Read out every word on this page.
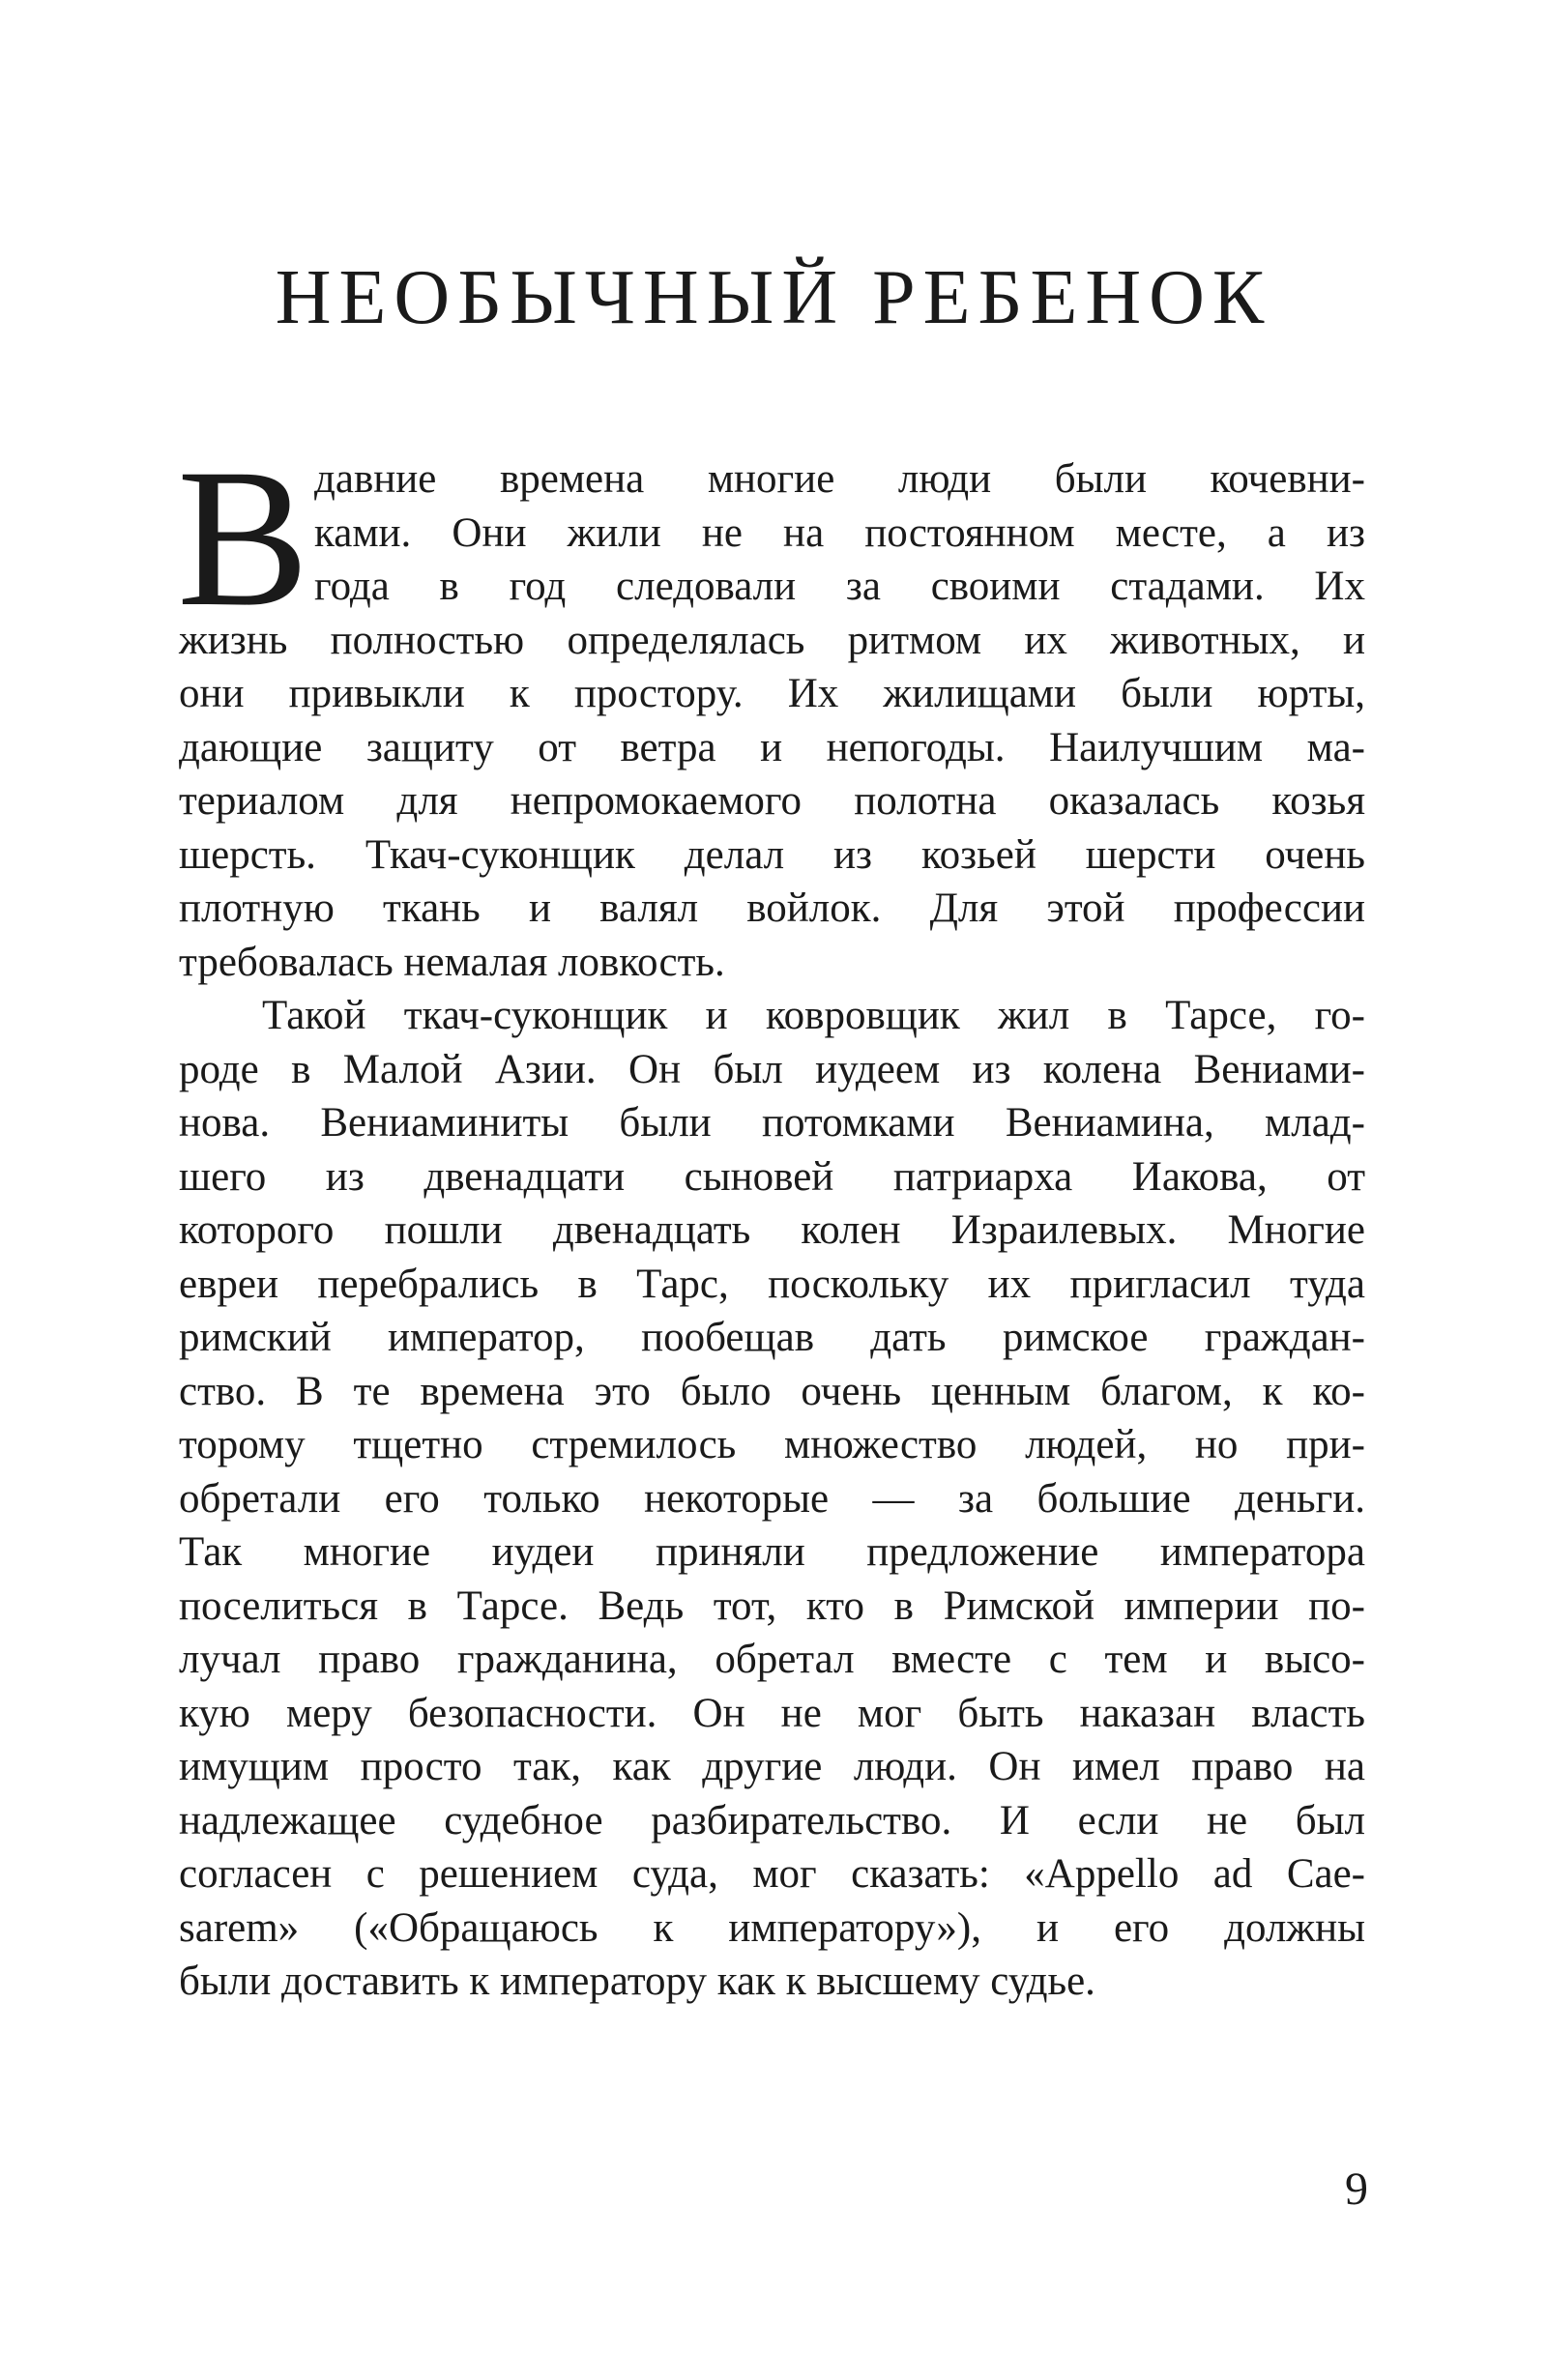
НЕОБЫЧНЫЙ РЕБЕНОК
В давние времена многие люди были кочевни-
ками. Они жили не на постоянном месте, а из
года в год следовали за своими стадами. Их
жизнь полностью определялась ритмом их животных, и
они привыкли к простору. Их жилищами были юрты,
дающие защиту от ветра и непогоды. Наилучшим ма-
териалом для непромокаемого полотна оказалась козья
шерсть. Ткач-суконщик делал из козьей шерсти очень
плотную ткань и валял войлок. Для этой профессии
требовалась немалая ловкость.
Такой ткач-суконщик и ковровщик жил в Тарсе, го-
роде в Малой Азии. Он был иудеем из колена Вениами-
нова. Вениаминиты были потомками Вениамина, млад-
шего из двенадцати сыновей патриарха Иакова, от
которого пошли двенадцать колен Израилевых. Многие
евреи перебрались в Тарс, поскольку их пригласил туда
римский император, пообещав дать римское граждан-
ство. В те времена это было очень ценным благом, к ко-
торому тщетно стремилось множество людей, но при-
обретали его только некоторые — за большие деньги.
Так многие иудеи приняли предложение императора
поселиться в Тарсе. Ведь тот, кто в Римской империи по-
лучал право гражданина, обретал вместе с тем и высо-
кую меру безопасности. Он не мог быть наказан власть
имущим просто так, как другие люди. Он имел право на
надлежащее судебное разбирательство. И если не был
согласен с решением суда, мог сказать: «Appello ad Cae-
sarem» («Обращаюсь к императору»), и его должны
были доставить к императору как к высшему судье.
9
